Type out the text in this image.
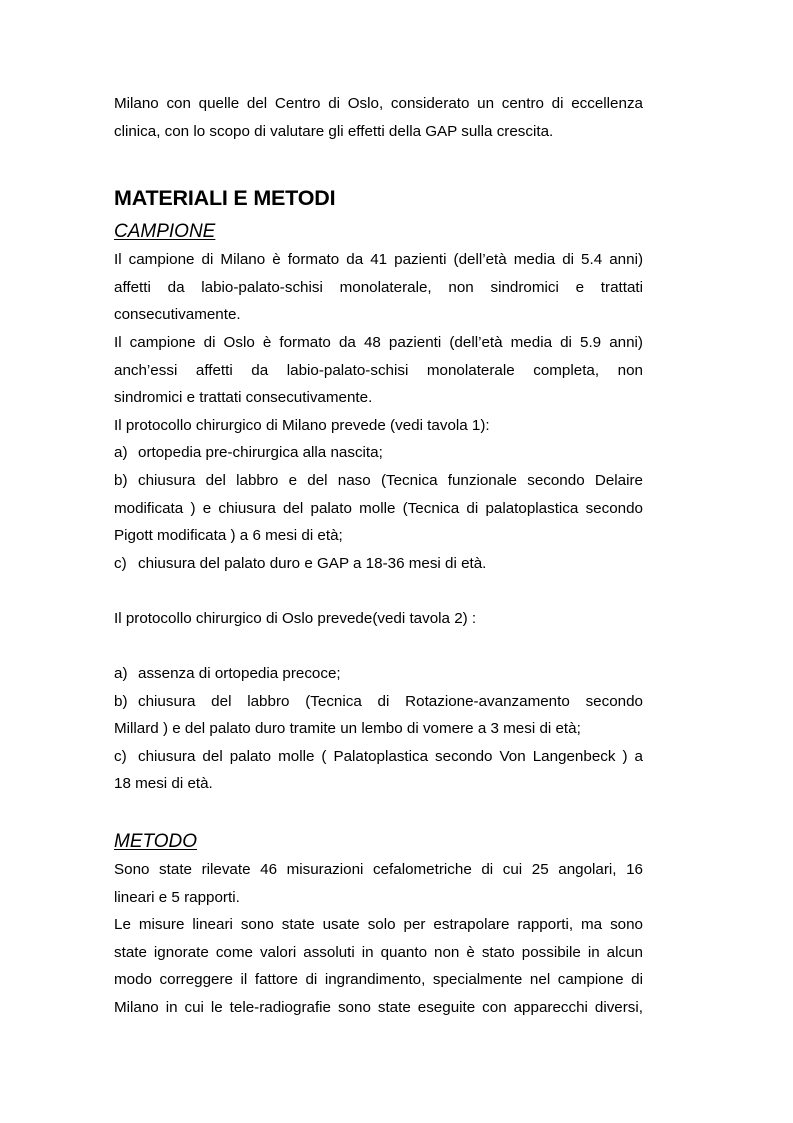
Milano con quelle del Centro di Oslo, considerato un centro di eccellenza

clinica, con lo scopo di valutare gli effetti della GAP sulla crescita.

MATERIALI E METODI
CAMPIONE

Il campione di Milano è formato da 41 pazienti (dell’età media di 5.4 anni)

affetti da labio-palato-schisi monolaterale, non sindromici e trattati

consecutivamente.

Il campione di Oslo è formato da 48 pazienti (dell’età media di 5.9 anni)

anch’essi affetti da labio-palato-schisi monolaterale completa, non

sindromici e trattati consecutivamente.

Il protocollo chirurgico di Milano prevede (vedi tavola 1):

a) ortopedia pre-chirurgica alla nascita;
b) chiusura del labbro e del naso (Tecnica funzionale secondo Delaire

modificata ) e chiusura del palato molle (Tecnica di palatoplastica secondo

Pigott modificata ) a 6 mesi di età;

c) chiusura del palato duro e GAP a 18-36 mesi di età.

Il protocollo chirurgico di Oslo prevede(vedi tavola 2) :

a) assenza di ortopedia precoce;
b) chiusura del labbro (Tecnica di Rotazione-avanzamento secondo

Millard ) e del palato duro tramite un lembo di vomere a 3 mesi di età;

c) chiusura del palato molle ( Palatoplastica secondo Von Langenbeck ) a

18 mesi di età.

METODO

Sono state rilevate 46 misurazioni cefalometriche di cui 25 angolari, 16

lineari e 5 rapporti.

Le misure lineari sono state usate solo per estrapolare rapporti, ma sono

state ignorate come valori assoluti in quanto non è stato possibile in alcun

modo correggere il fattore di ingrandimento, specialmente nel campione di

Milano in cui le tele-radiografie sono state eseguite con apparecchi diversi,
